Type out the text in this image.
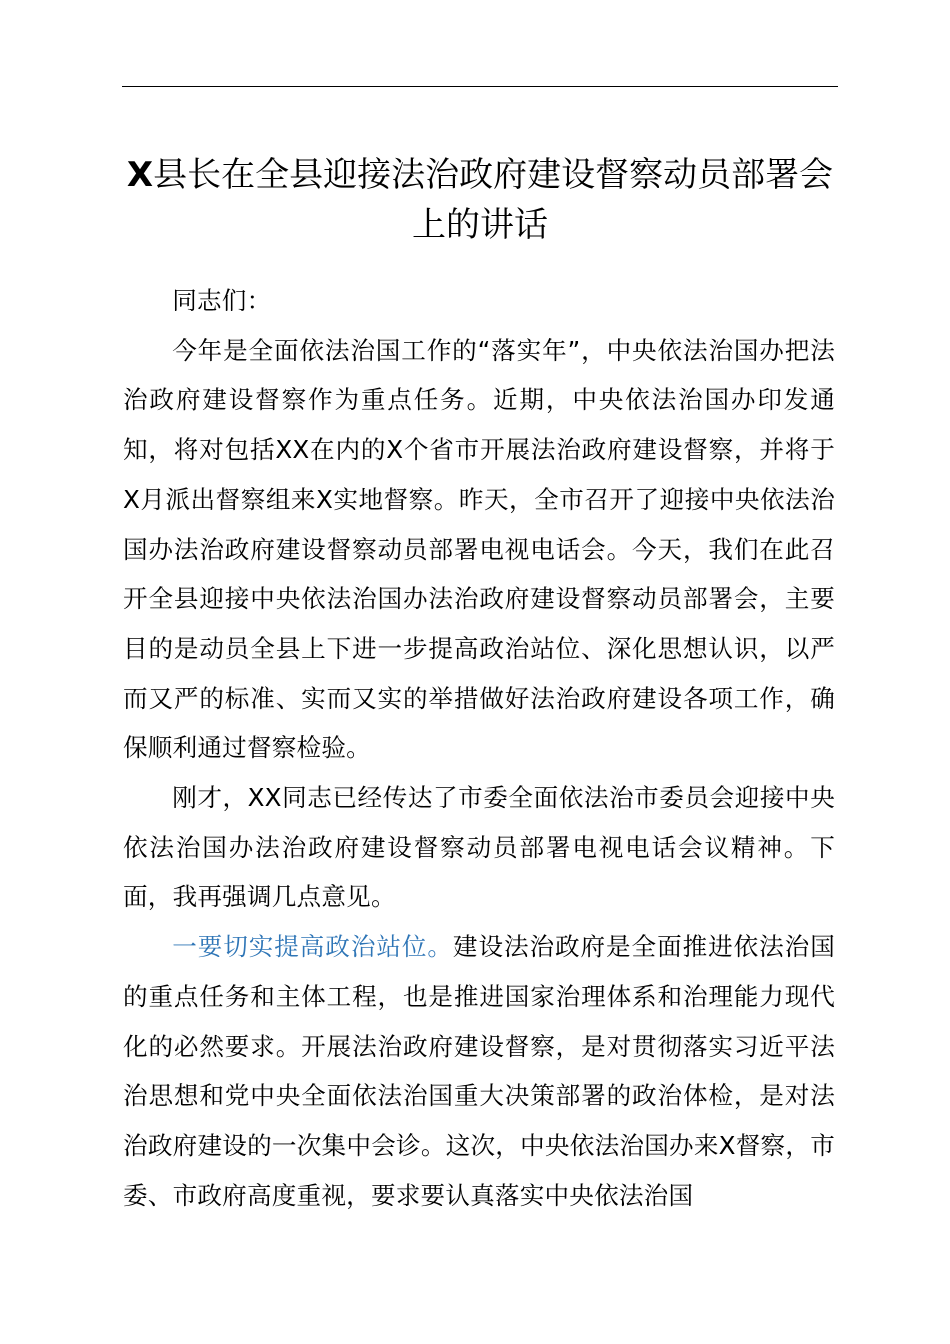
X县长在全县迎接法治政府建设督察动员部署会上的讲话

同志们：

今年是全面依法治国工作的“落实年”，中央依法治国办把法治政府建设督察作为重点任务。近期，中央依法治国办印发通知，将对包括XX在内的X个省市开展法治政府建设督察，并将于X月派出督察组来X实地督察。昨天，全市召开了迎接中央依法治国办法治政府建设督察动员部署电视电话会。今天，我们在此召开全县迎接中央依法治国办法治政府建设督察动员部署会，主要目的是动员全县上下进一步提高政治站位、深化思想认识，以严而又严的标准、实而又实的举措做好法治政府建设各项工作，确保顺利通过督察检验。

刚才，XX同志已经传达了市委全面依法治市委员会迎接中央依法治国办法治政府建设督察动员部署电视电话会议精神。下面，我再强调几点意见。

一要切实提高政治站位。建设法治政府是全面推进依法治国的重点任务和主体工程，也是推进国家治理体系和治理能力现代化的必然要求。开展法治政府建设督察，是对贯彻落实习近平法治思想和党中央全面依法治国重大决策部署的政治体检，是对法治政府建设的一次集中会诊。这次，中央依法治国办来X督察，市委、市政府高度重视，要求要认真落实中央依法治国
